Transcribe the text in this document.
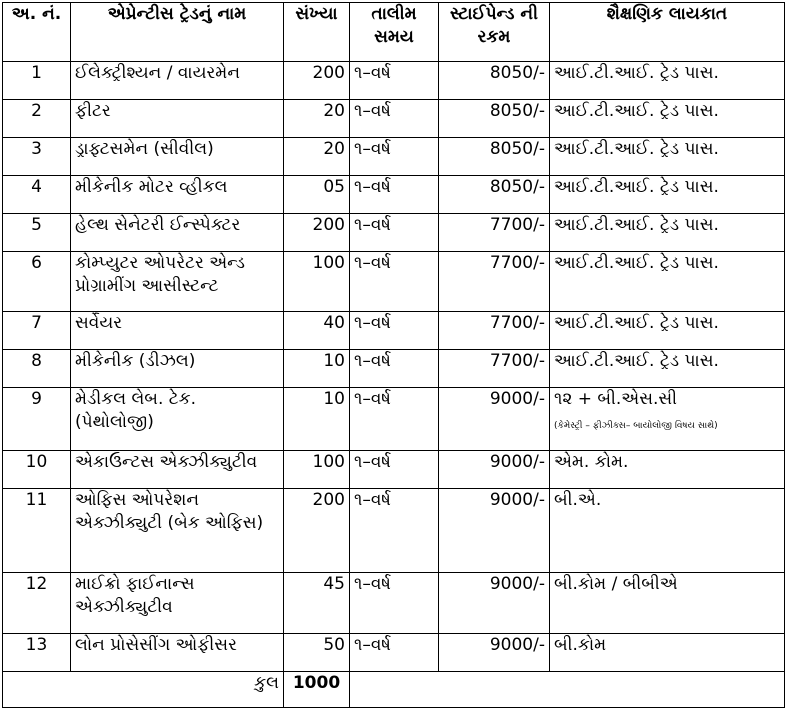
અ. નં.	એપ્રેન્ટીસ ટ્રેડનું નામ	સંખ્યા	તાલીમ સમય	સ્ટાઈપેન્ડ ની રકમ	શૈક્ષણિક લાયકાત
1	ઈલેક્ટ્રીશ્યન / વાયરમેન	200	૧–વર્ષ	8050/-	આઈ.ટી.આઈ. ટ્રેડ પાસ.
2	ફીટર	20	૧–વર્ષ	8050/-	આઈ.ટી.આઈ. ટ્રેડ પાસ.
3	ડ્રાફ્ટસમેન (સીવીલ)	20	૧–વર્ષ	8050/-	આઈ.ટી.આઈ. ટ્રેડ પાસ.
4	મીકેનીક મોટર વ્હીકલ	05	૧–વર્ષ	8050/-	આઈ.ટી.આઈ. ટ્રેડ પાસ.
5	હેલ્થ સેનેટરી ઈન્સ્પેક્ટર	200	૧–વર્ષ	7700/-	આઈ.ટી.આઈ. ટ્રેડ પાસ.
6	કોમ્પ્યુટર ઓપરેટર એન્ડ પ્રોગ્રામીંગ આસીસ્ટન્ટ	100	૧–વર્ષ	7700/-	આઈ.ટી.આઈ. ટ્રેડ પાસ.
7	સર્વેયર	40	૧–વર્ષ	7700/-	આઈ.ટી.આઈ. ટ્રેડ પાસ.
8	મીકેનીક (ડીઝલ)	10	૧–વર્ષ	7700/-	આઈ.ટી.આઈ. ટ્રેડ પાસ.
9	મેડીકલ લેબ. ટેક. (પેથોલોજી)	10	૧–વર્ષ	9000/-	૧૨ + બી.એસ.સી
(કેમેસ્ટ્રી – ફીઝીક્સ– બાયોલોજી વિષય સાથે)

10	એકાઉન્ટસ એક્ઝીક્યુટીવ	100	૧–વર્ષ	9000/-	એમ. કોમ.
11	ઓફિસ ઓપરેશન એક્ઝીક્યુટી (બેક ઓફિસ)	200	૧–વર્ષ	9000/-	બી.એ.
12	માઈક્રો ફાઈનાન્સ એક્ઝીક્યુટીવ	45	૧–વર્ષ	9000/-	બી.કોમ / બીબીએ
13	લોન પ્રોસેસીંગ ઓફીસર	50	૧–વર્ષ	9000/-	બી.કોમ
કુલ		1000			
